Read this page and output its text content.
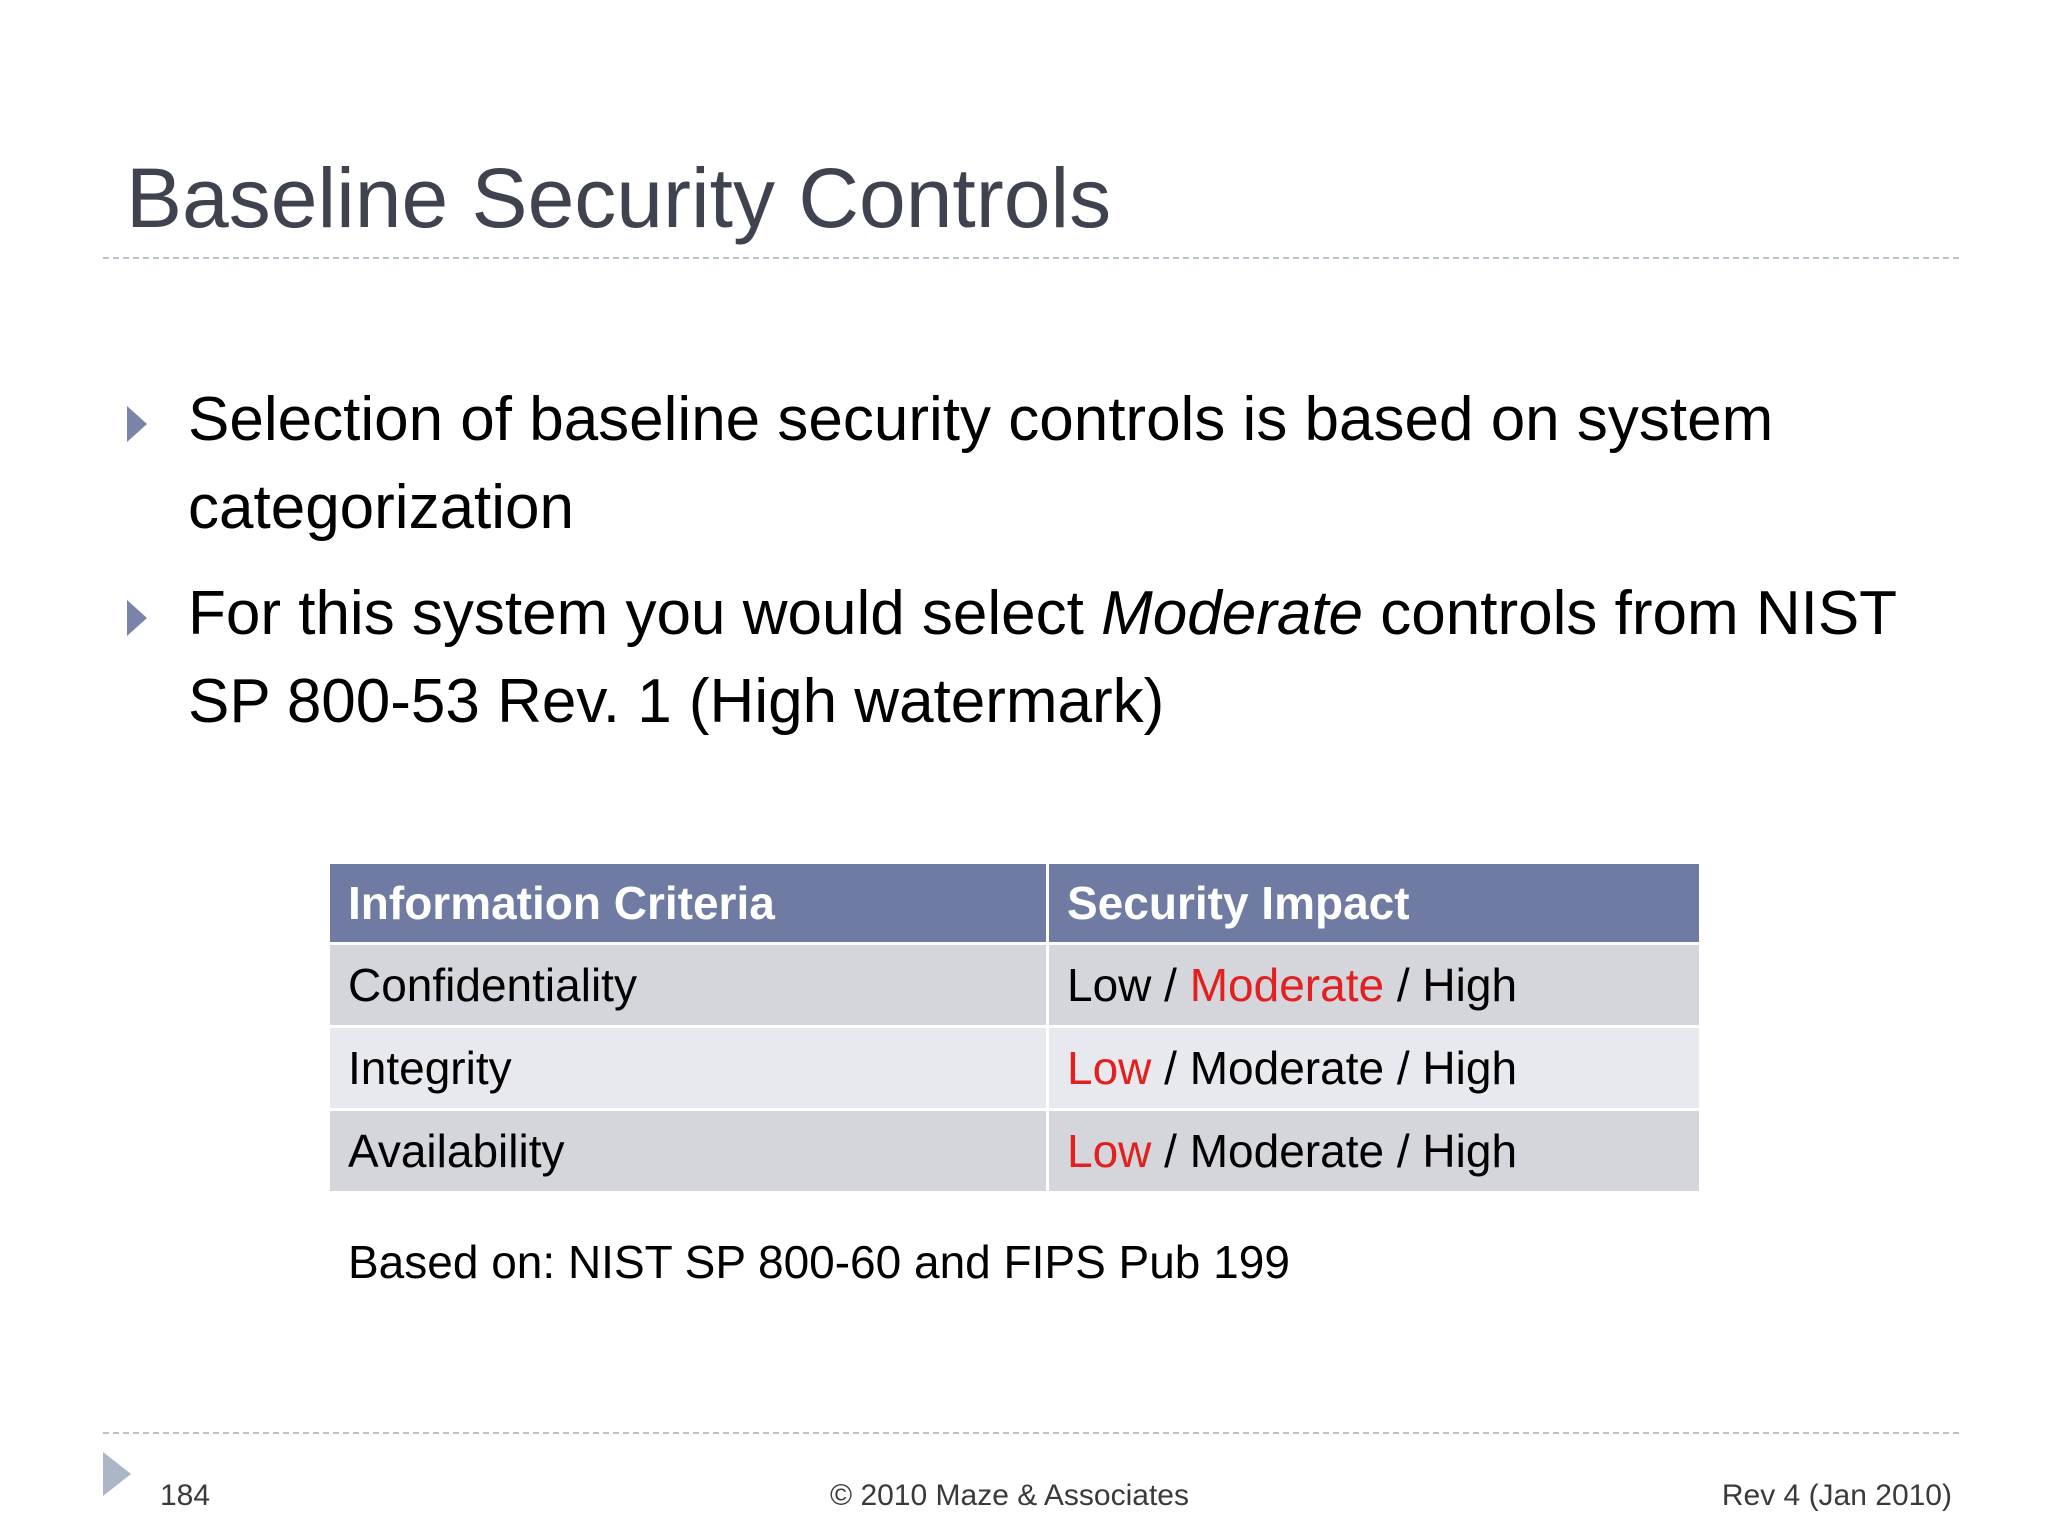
Baseline Security Controls
Selection of baseline security controls is based on system categorization
For this system you would select Moderate controls from NIST SP 800-53 Rev. 1 (High watermark)
Information Criteria	Security Impact
Confidentiality	Low / Moderate / High
Integrity	Low / Moderate / High
Availability	Low / Moderate / High
Based on: NIST SP 800-60 and FIPS Pub 199
184	© 2010 Maze & Associates	Rev 4 (Jan 2010)
